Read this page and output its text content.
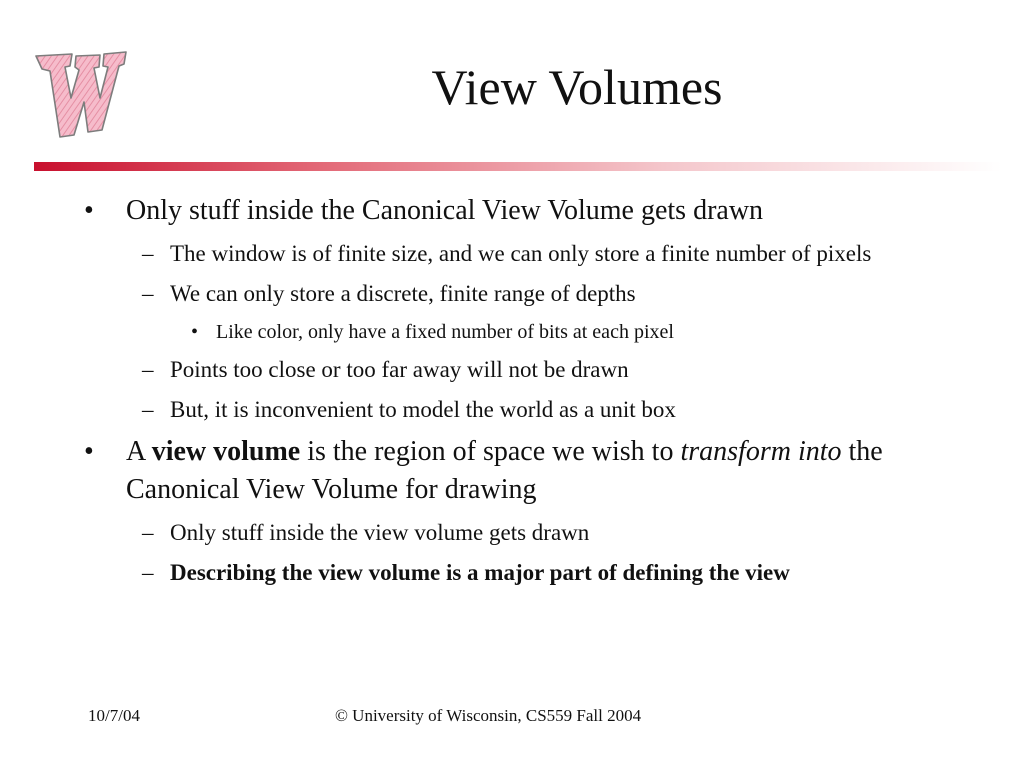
View Volumes
• Only stuff inside the Canonical View Volume gets drawn
– The window is of finite size, and we can only store a finite number of pixels
– We can only store a discrete, finite range of depths
• Like color, only have a fixed number of bits at each pixel
– Points too close or too far away will not be drawn
– But, it is inconvenient to model the world as a unit box
• A view volume is the region of space we wish to transform into the Canonical View Volume for drawing
– Only stuff inside the view volume gets drawn
– Describing the view volume is a major part of defining the view
10/7/04	© University of Wisconsin, CS559 Fall 2004
